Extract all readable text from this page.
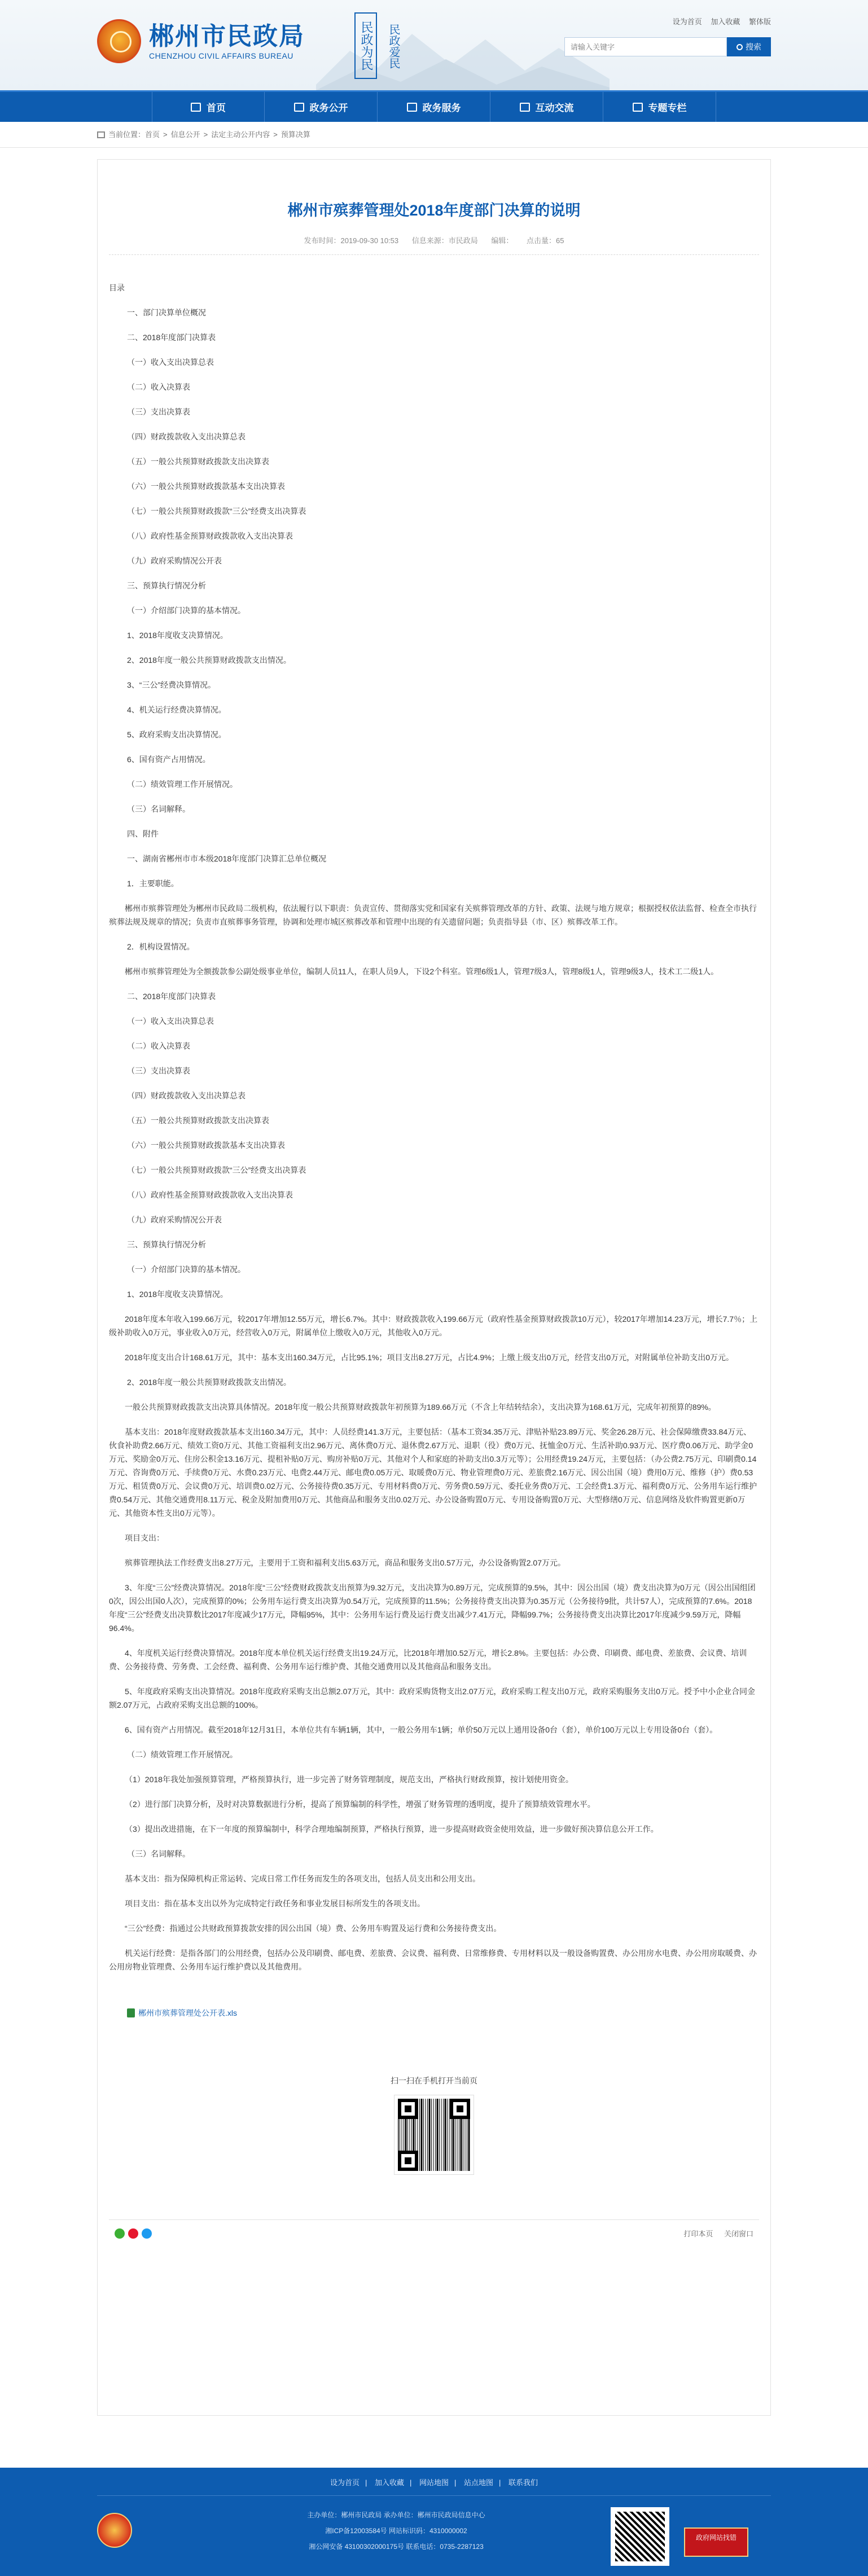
郴州市民政局
CHENZHOU CIVIL AFFAIRS BUREAU	民政为民	民政爱民
设为首页 加入收藏 繁体版
请输入关键字
搜索
首页	政务公开	政务服务	互动交流	专题专栏
当前位置： 首页 > 信息公开 > 法定主动公开内容 > 预算决算
郴州市殡葬管理处2018年度部门决算的说明
发布时间：2019-09-30 10:53 信息来源：市民政局 编辑： 点击量：65

目录

一、部门决算单位概况

二、2018年度部门决算表

（一）收入支出决算总表

（二）收入决算表

（三）支出决算表

（四）财政拨款收入支出决算总表

（五）一般公共预算财政拨款支出决算表

（六）一般公共预算财政拨款基本支出决算表

（七）一般公共预算财政拨款“三公”经费支出决算表

（八）政府性基金预算财政拨款收入支出决算表

（九）政府采购情况公开表

三、预算执行情况分析

（一）介绍部门决算的基本情况。

1、2018年度收支决算情况。

2、2018年度一般公共预算财政拨款支出情况。

3、“三公”经费决算情况。

4、机关运行经费决算情况。

5、政府采购支出决算情况。

6、国有资产占用情况。

（二）绩效管理工作开展情况。

（三）名词解释。

四、附件

一、湖南省郴州市市本级2018年度部门决算汇总单位概况

1．主要职能。

郴州市殡葬管理处为郴州市民政局二级机构，依法履行以下职责：负责宣传、贯彻落实党和国家有关殡葬管理改革的方针、政策、法规与地方规章；根据授权依法监督、检查全市执行殡葬法规及规章的情况；负责市直殡葬事务管理，协调和处理市城区殡葬改革和管理中出现的有关遗留问题；负责指导县（市、区）殡葬改革工作。

2．机构设置情况。

郴州市殡葬管理处为全额拨款参公副处级事业单位，编制人员11人，在职人员9人，下设2个科室。管理6级1人，管理7级3人，管理8级1人，管理9级3人，技术工二级1人。

二、2018年度部门决算表

（一）收入支出决算总表

（二）收入决算表

（三）支出决算表

（四）财政拨款收入支出决算总表

（五）一般公共预算财政拨款支出决算表

（六）一般公共预算财政拨款基本支出决算表

（七）一般公共预算财政拨款“三公”经费支出决算表

（八）政府性基金预算财政拨款收入支出决算表

（九）政府采购情况公开表

三、预算执行情况分析

（一）介绍部门决算的基本情况。

1、2018年度收支决算情况。

2018年度本年收入199.66万元，较2017年增加12.55万元，增长6.7%。其中：财政拨款收入199.66万元（政府性基金预算财政拨款10万元），较2017年增加14.23万元，增长7.7％；上级补助收入0万元，事业收入0万元，经营收入0万元，附属单位上缴收入0万元，其他收入0万元。

2018年度支出合计168.61万元，其中：基本支出160.34万元，占比95.1%；项目支出8.27万元，占比4.9%；上缴上级支出0万元，经营支出0万元，对附属单位补助支出0万元。

2、2018年度一般公共预算财政拨款支出情况。

一般公共预算财政拨款支出决算具体情况。2018年度一般公共预算财政拨款年初预算为189.66万元（不含上年结转结余），支出决算为168.61万元，完成年初预算的89%。

基本支出：2018年度财政拨款基本支出160.34万元，其中：人员经费141.3万元，主要包括：（基本工资34.35万元、津贴补贴23.89万元、奖金26.28万元、社会保障缴费33.84万元、伙食补助费2.66万元、绩效工资0万元、其他工资福利支出2.96万元、离休费0万元、退休费2.67万元、退职（役）费0万元、抚恤金0万元、生活补助0.93万元、医疗费0.06万元、助学金0万元、奖励金0万元、住房公积金13.16万元、提租补贴0万元、购房补贴0万元、其他对个人和家庭的补助支出0.3万元等）；公用经费19.24万元，主要包括：（办公费2.75万元、印刷费0.14万元、咨询费0万元、手续费0万元、水费0.23万元、电费2.44万元、邮电费0.05万元、取暖费0万元、物业管理费0万元、差旅费2.16万元、因公出国（境）费用0万元、维修（护）费0.53万元、租赁费0万元、会议费0万元、培训费0.02万元、公务接待费0.35万元、专用材料费0万元、劳务费0.59万元、委托业务费0万元、工会经费1.3万元、福利费0万元、公务用车运行维护费0.54万元、其他交通费用8.11万元、税金及附加费用0万元、其他商品和服务支出0.02万元、办公设备购置0万元、专用设备购置0万元、大型修缮0万元、信息网络及软件购置更新0万元、其他资本性支出0万元等）。

项目支出：

殡葬管理执法工作经费支出8.27万元，主要用于工资和福利支出5.63万元，商品和服务支出0.57万元，办公设备购置2.07万元。

3、年度“三公”经费决算情况。2018年度“三公”经费财政拨款支出预算为9.32万元，支出决算为0.89万元，完成预算的9.5%，其中：因公出国（境）费支出决算为0万元（因公出国组团0次，因公出国0人次），完成预算的0%；公务用车运行费支出决算为0.54万元，完成预算的11.5%；公务接待费支出决算为0.35万元（公务接待9批，共计57人），完成预算的7.6%。2018年度“三公”经费支出决算数比2017年度减少17万元，降幅95%，其中：公务用车运行费及运行费支出减少7.41万元，降幅99.7%；公务接待费支出决算比2017年度减少9.59万元，降幅96.4%。

4、年度机关运行经费决算情况。2018年度本单位机关运行经费支出19.24万元，比2018年增加0.52万元，增长2.8%。主要包括：办公费、印刷费、邮电费、差旅费、会议费、培训费、公务接待费、劳务费、工会经费、福利费、公务用车运行维护费、其他交通费用以及其他商品和服务支出。

5、年度政府采购支出决算情况。2018年度政府采购支出总额2.07万元，其中：政府采购货物支出2.07万元，政府采购工程支出0万元，政府采购服务支出0万元。授予中小企业合同金额2.07万元，占政府采购支出总额的100%。

6、国有资产占用情况。截至2018年12月31日，本单位共有车辆1辆，其中，一般公务用车1辆；单价50万元以上通用设备0台（套），单价100万元以上专用设备0台（套）。

（二）绩效管理工作开展情况。

（1）2018年我处加强预算管理，严格预算执行，进一步完善了财务管理制度，规范支出，严格执行财政预算，按计划使用资金。

（2）进行部门决算分析，及时对决算数据进行分析，提高了预算编制的科学性，增强了财务管理的透明度，提升了预算绩效管理水平。

（3）提出改进措施，在下一年度的预算编制中，科学合理地编制预算，严格执行预算，进一步提高财政资金使用效益，进一步做好预决算信息公开工作。

（三）名词解释。

基本支出：指为保障机构正常运转、完成日常工作任务而发生的各项支出，包括人员支出和公用支出。

项目支出：指在基本支出以外为完成特定行政任务和事业发展目标所发生的各项支出。

“三公”经费：指通过公共财政预算拨款安排的因公出国（境）费、公务用车购置及运行费和公务接待费支出。

机关运行经费：是指各部门的公用经费，包括办公及印刷费、邮电费、差旅费、会议费、福利费、日常维修费、专用材料以及一般设备购置费、办公用房水电费、办公用房取暖费、办公用房物业管理费、公务用车运行维护费以及其他费用。

郴州市殡葬管理处公开表.xls
扫一扫在手机打开当前页
打印本页 关闭窗口
设为首页 | 加入收藏 | 网站地图 | 站点地图 | 联系我们
主办单位：郴州市民政局 承办单位：郴州市民政局信息中心
湘ICP备12003584号 网站标识码：4310000002
湘公网安备 43100302000175号 联系电话：0735-2287123
政府网站找错
